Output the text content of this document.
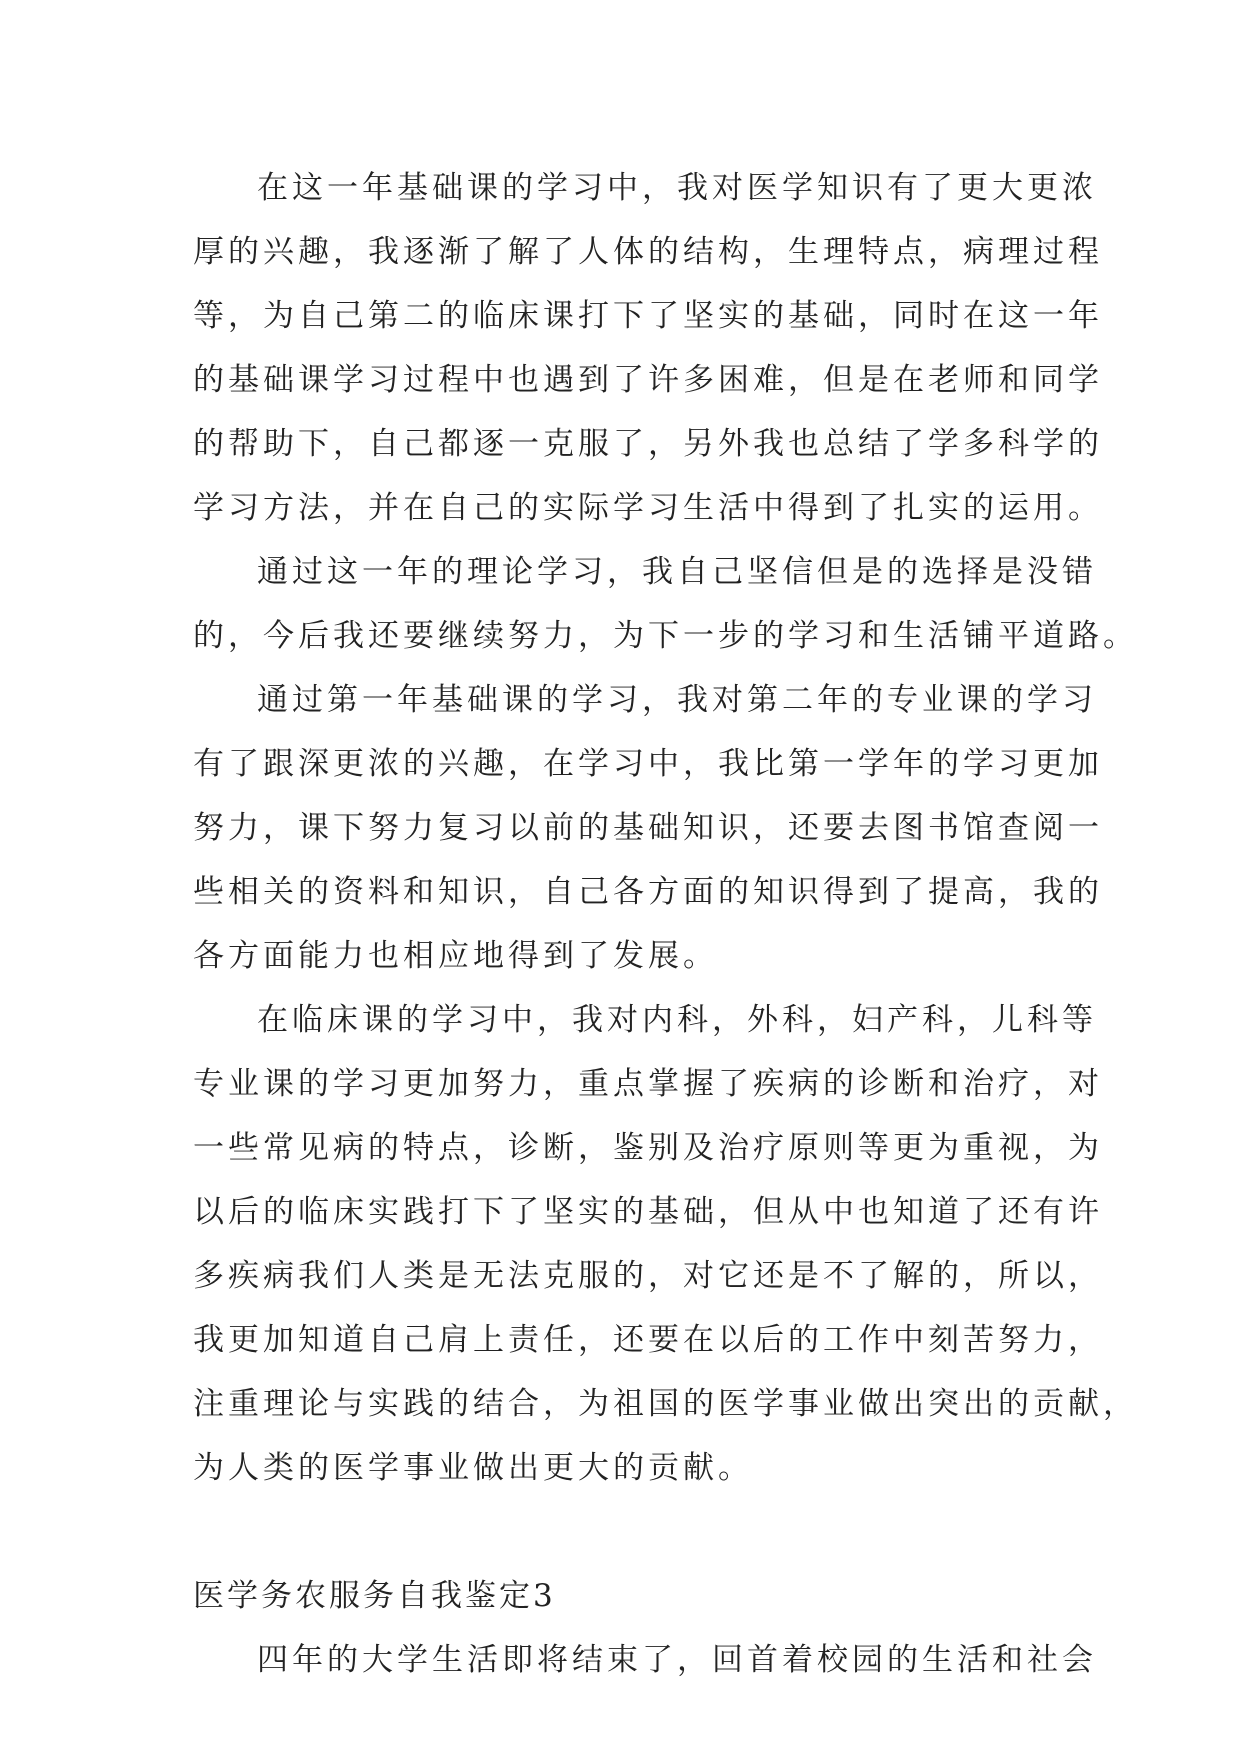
在这一年基础课的学习中，我对医学知识有了更大更浓
厚的兴趣，我逐渐了解了人体的结构，生理特点，病理过程
等，为自己第二的临床课打下了坚实的基础，同时在这一年
的基础课学习过程中也遇到了许多困难，但是在老师和同学
的帮助下，自己都逐一克服了，另外我也总结了学多科学的
学习方法，并在自己的实际学习生活中得到了扎实的运用。
通过这一年的理论学习，我自己坚信但是的选择是没错
的，今后我还要继续努力，为下一步的学习和生活铺平道路。
通过第一年基础课的学习，我对第二年的专业课的学习
有了跟深更浓的兴趣，在学习中，我比第一学年的学习更加
努力，课下努力复习以前的基础知识，还要去图书馆查阅一
些相关的资料和知识，自己各方面的知识得到了提高，我的
各方面能力也相应地得到了发展。
在临床课的学习中，我对内科，外科，妇产科，儿科等
专业课的学习更加努力，重点掌握了疾病的诊断和治疗，对
一些常见病的特点，诊断，鉴别及治疗原则等更为重视，为
以后的临床实践打下了坚实的基础，但从中也知道了还有许
多疾病我们人类是无法克服的，对它还是不了解的，所以，
我更加知道自己肩上责任，还要在以后的工作中刻苦努力，
注重理论与实践的结合，为祖国的医学事业做出突出的贡献，
为人类的医学事业做出更大的贡献。
医学务农服务自我鉴定3
四年的大学生活即将结束了，回首着校园的生活和社会
